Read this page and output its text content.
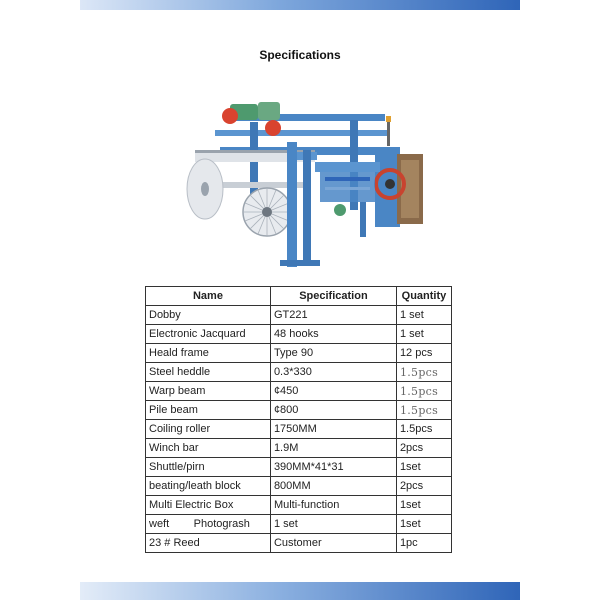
Specifications
Name	Specification	Quantity
Dobby	GT221	1 set
Electronic Jacquard	48 hooks	1 set
Heald frame	Type 90	12 pcs
Steel heddle	0.3*330	1.5pcs
Warp beam	¢450	1.5pcs
Pile beam	¢800	1.5pcs
Coiling roller	1750MM	1.5pcs
Winch bar	1.9M	2pcs
Shuttle/pirn	390MM*41*31	1set
beating/leath block	800MM	2pcs
Multi Electric Box	Multi-function	1set
weft        Photogrash	1 set	1set
23 # Reed	Customer	1pc
